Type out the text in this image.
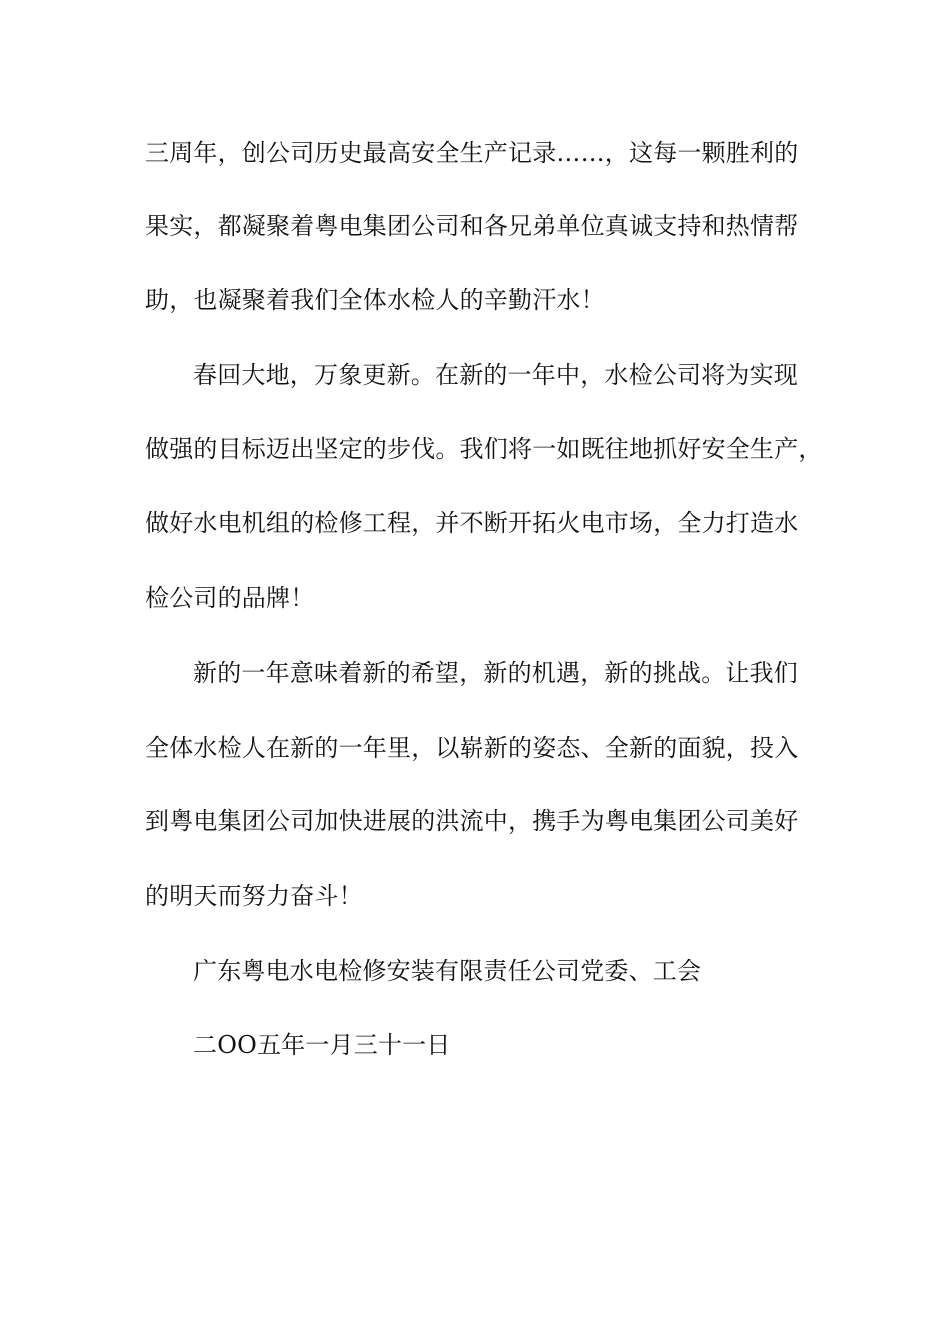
三周年，创公司历史最高安全生产记录……，这每一颗胜利的
果实，都凝聚着粤电集团公司和各兄弟单位真诚支持和热情帮
助，也凝聚着我们全体水检人的辛勤汗水！
春回大地，万象更新。在新的一年中，水检公司将为实现
做强的目标迈出坚定的步伐。我们将一如既往地抓好安全生产，
做好水电机组的检修工程，并不断开拓火电市场，全力打造水
检公司的品牌！
新的一年意味着新的希望，新的机遇，新的挑战。让我们
全体水检人在新的一年里，以崭新的姿态、全新的面貌，投入
到粤电集团公司加快进展的洪流中，携手为粤电集团公司美好
的明天而努力奋斗！
广东粤电水电检修安装有限责任公司党委、工会
二OO五年一月三十一日
